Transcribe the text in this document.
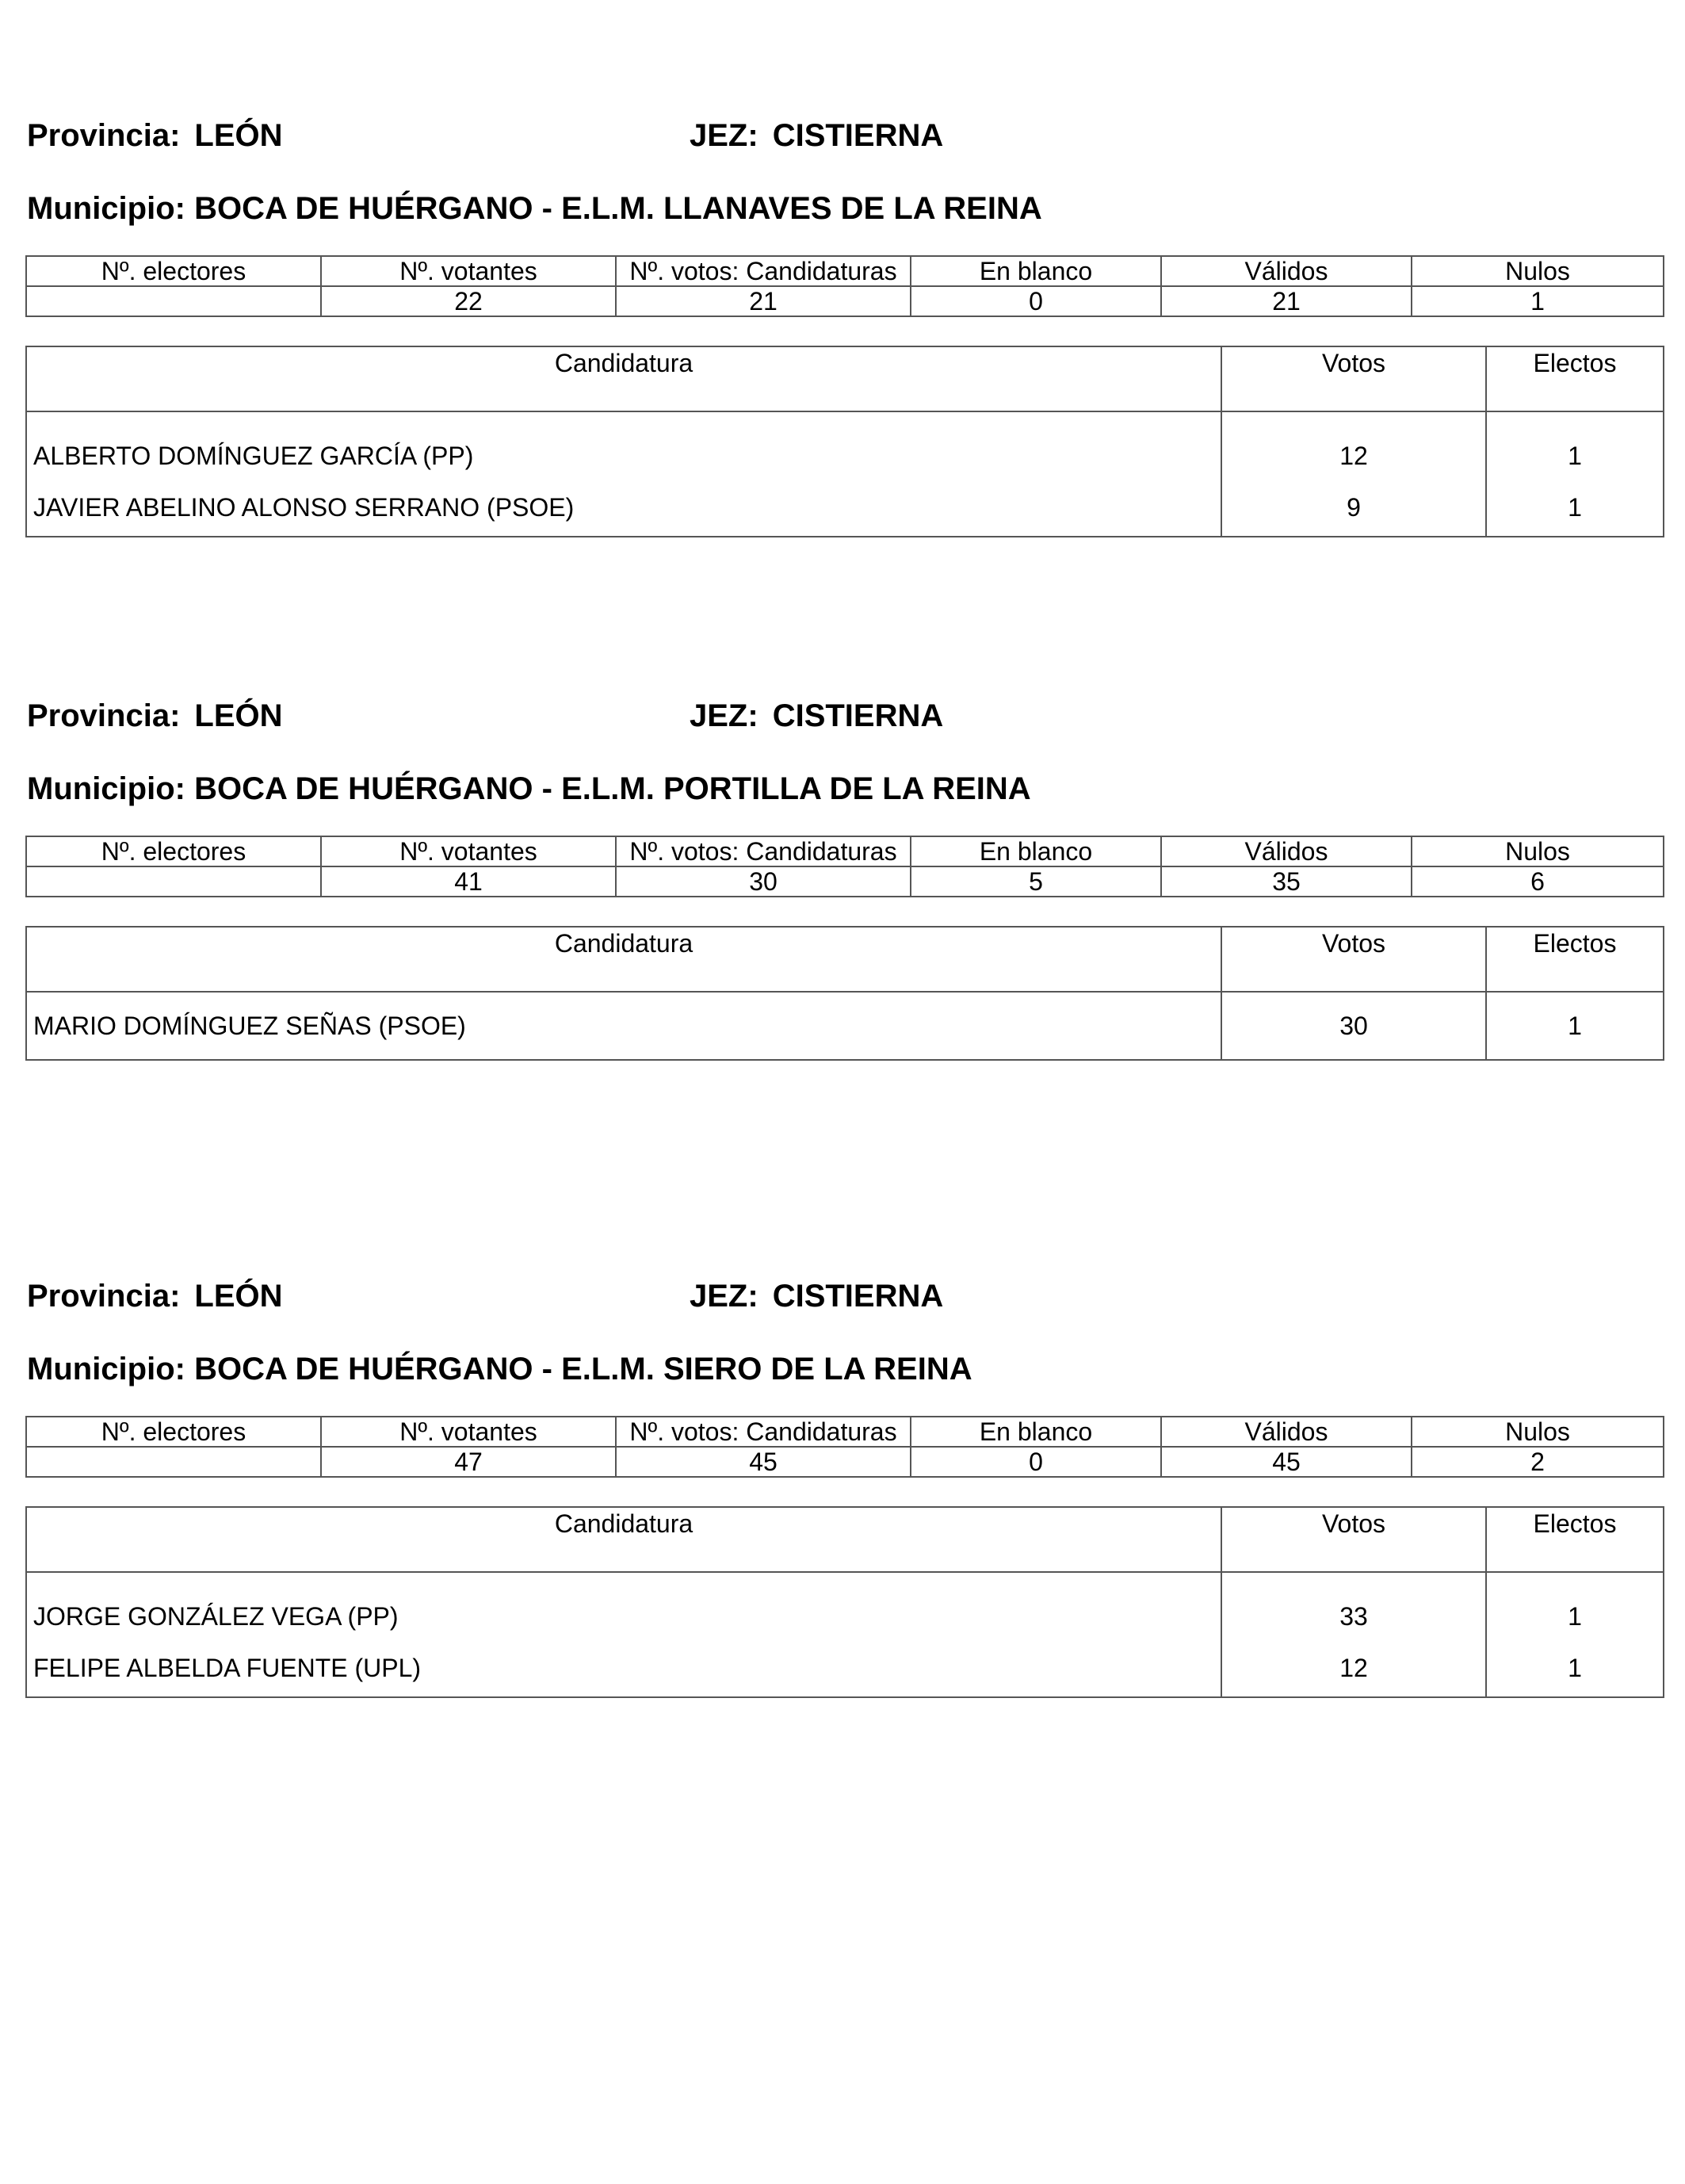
Provincia: LEÓN	JEZ: CISTIERNA
Municipio: BOCA DE HUÉRGANO - E.L.M. LLANAVES DE LA REINA
Nº. electores	Nº. votantes	Nº. votos: Candidaturas	En blanco	Válidos	Nulos
	22	21	0	21	1
Candidatura	Votos	Electos
ALBERTO DOMÍNGUEZ GARCÍA (PP)	12	1
JAVIER ABELINO ALONSO SERRANO (PSOE)	9	1
Provincia: LEÓN	JEZ: CISTIERNA
Municipio: BOCA DE HUÉRGANO - E.L.M. PORTILLA DE LA REINA
Nº. electores	Nº. votantes	Nº. votos: Candidaturas	En blanco	Válidos	Nulos
	41	30	5	35	6
Candidatura	Votos	Electos
MARIO DOMÍNGUEZ SEÑAS (PSOE)	30	1
Provincia: LEÓN	JEZ: CISTIERNA
Municipio: BOCA DE HUÉRGANO - E.L.M. SIERO DE LA REINA
Nº. electores	Nº. votantes	Nº. votos: Candidaturas	En blanco	Válidos	Nulos
	47	45	0	45	2
Candidatura	Votos	Electos
JORGE GONZÁLEZ VEGA (PP)	33	1
FELIPE ALBELDA FUENTE (UPL)	12	1
